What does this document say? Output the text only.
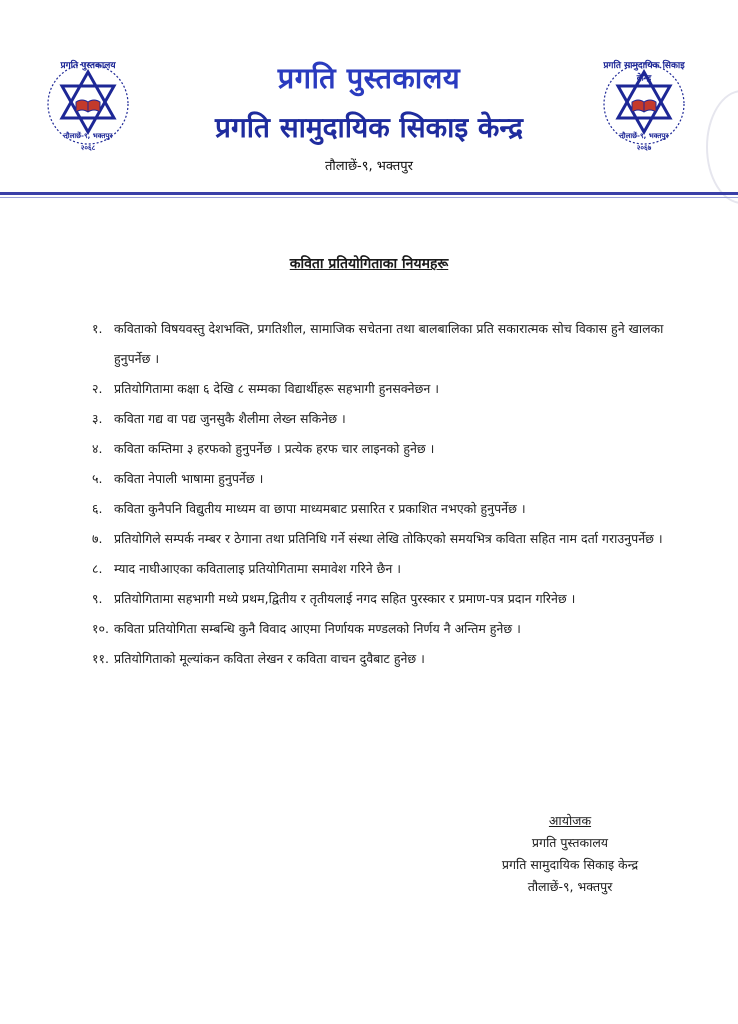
प्रगति पुस्तकालय
तौलाछें-९, भक्तपुर
२०६८
प्रगति पुस्तकालय
प्रगति सामुदायिक सिकाइ केन्द्र
तौलाछें-९, भक्तपुर
प्रगति सामुदायिक सिकाइ केन्द्र
तौलाछें-९, भक्तपुर
२०६७
कविता प्रतियोगिताका नियमहरू
१. कविताको विषयवस्तु देशभक्ति, प्रगतिशील, सामाजिक सचेतना तथा बालबालिका प्रति सकारात्मक सोच विकास हुने खालका हुनुपर्नेछ ।
२. प्रतियोगितामा कक्षा ६ देखि ८ सम्मका विद्यार्थीहरू सहभागी हुनसक्नेछन ।
३. कविता गद्य वा पद्य जुनसुकै शैलीमा लेख्न सकिनेछ ।
४. कविता कम्तिमा ३ हरफको हुनुपर्नेछ । प्रत्येक हरफ चार लाइनको हुनेछ ।
५. कविता नेपाली भाषामा हुनुपर्नेछ ।
६. कविता कुनैपनि विद्युतीय माध्यम वा छापा माध्यमबाट प्रसारित र प्रकाशित नभएको हुनुपर्नेछ ।
७. प्रतियोगिले सम्पर्क नम्बर र ठेगाना तथा प्रतिनिधि गर्ने संस्था लेखि तोकिएको समयभित्र कविता सहित नाम दर्ता गराउनुपर्नेछ ।
८. म्याद नाघीआएका कवितालाइ प्रतियोगितामा समावेश गरिने छैन ।
९. प्रतियोगितामा सहभागी मध्ये प्रथम,द्वितीय र तृतीयलाई नगद सहित पुरस्कार र प्रमाण-पत्र प्रदान गरिनेछ ।
१०. कविता प्रतियोगिता सम्बन्धि कुनै विवाद आएमा निर्णायक मण्डलको निर्णय नै अन्तिम हुनेछ ।
११. प्रतियोगिताको मूल्यांकन कविता लेखन र कविता वाचन दुवैबाट हुनेछ ।
आयोजक
प्रगति पुस्तकालय
प्रगति सामुदायिक सिकाइ केन्द्र
तौलाछें-९, भक्तपुर
